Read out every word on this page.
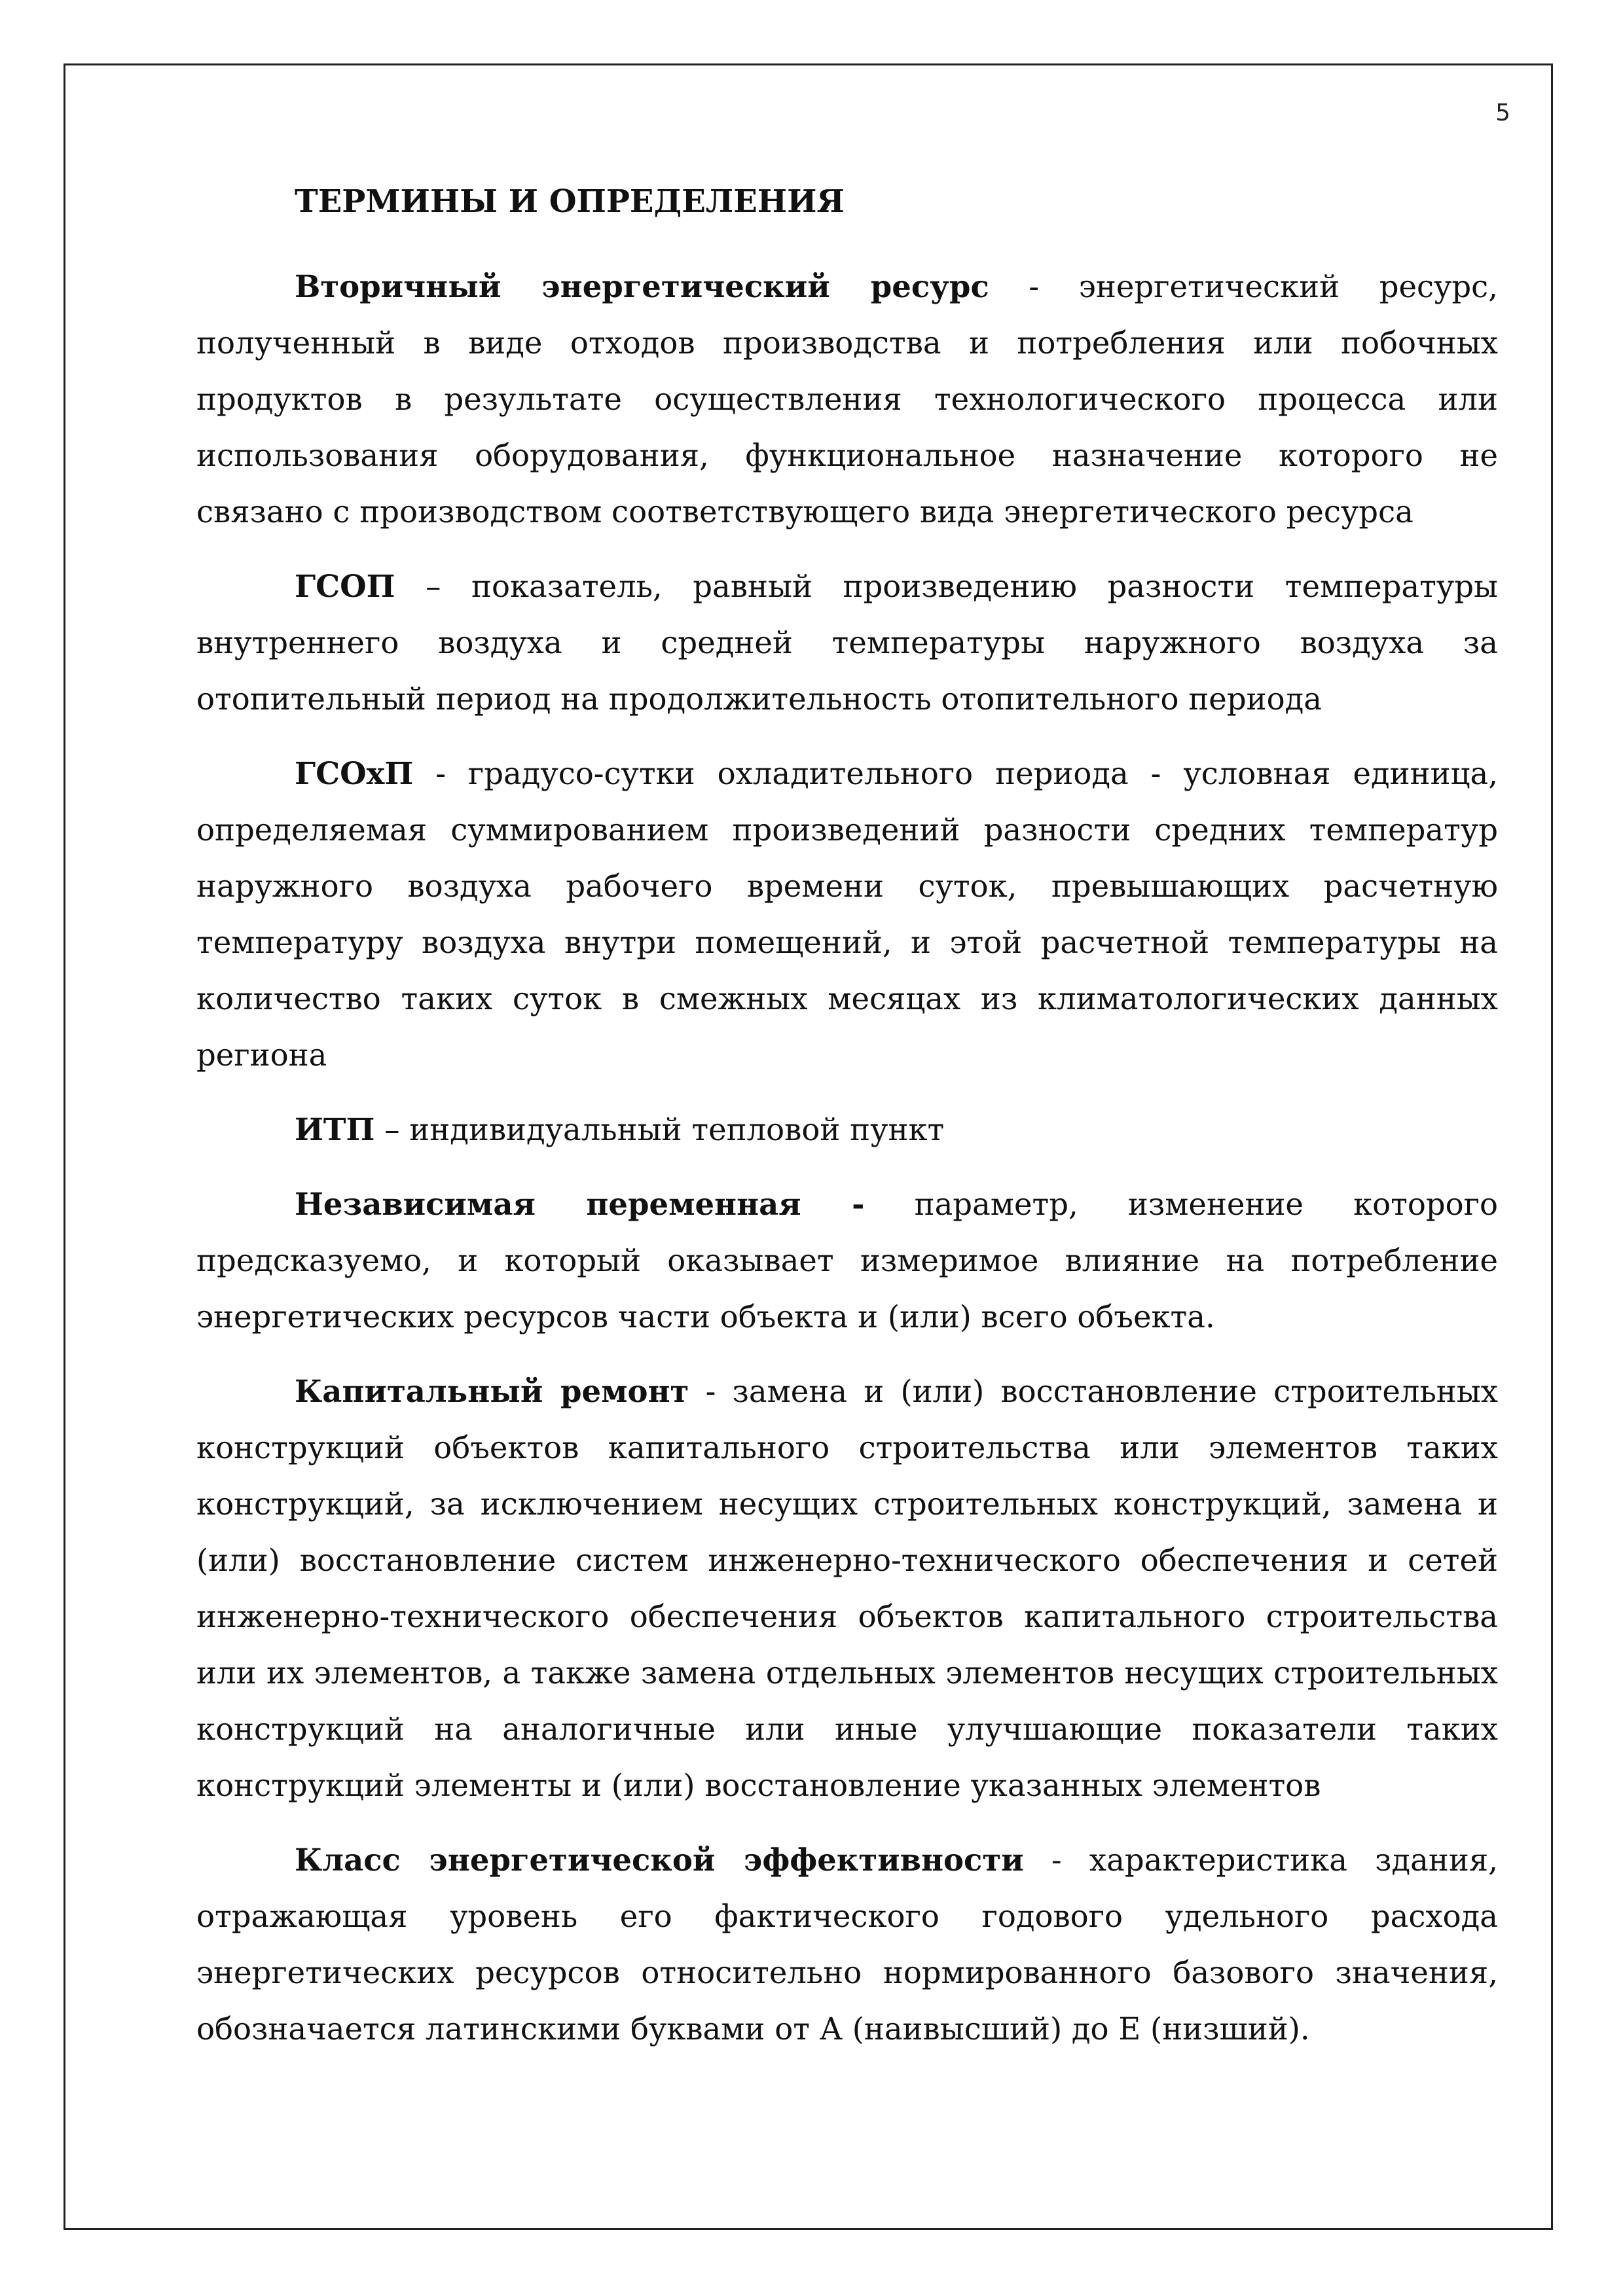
5
ТЕРМИНЫ И ОПРЕДЕЛЕНИЯ

Вторичный энергетический ресурс - энергетический ресурс, полученный в виде отходов производства и потребления или побочных продуктов в результате осуществления технологического процесса или использования оборудования, функциональное назначение которого не связано с производством соответствующего вида энергетического ресурса

ГСОП – показатель, равный произведению разности температуры внутреннего воздуха и средней температуры наружного воздуха за отопительный период на продолжительность отопительного периода

ГСОхП - градусо-сутки охладительного периода - условная единица, определяемая суммированием произведений разности средних температур наружного воздуха рабочего времени суток, превышающих расчетную температуру воздуха внутри помещений, и этой расчетной температуры на количество таких суток в смежных месяцах из климатологических данных региона

ИТП – индивидуальный тепловой пункт

Независимая переменная - параметр, изменение которого предсказуемо, и который оказывает измеримое влияние на потребление энергетических ресурсов части объекта и (или) всего объекта.

Капитальный ремонт - замена и (или) восстановление строительных конструкций объектов капитального строительства или элементов таких конструкций, за исключением несущих строительных конструкций, замена и (или) восстановление систем инженерно-технического обеспечения и сетей инженерно-технического обеспечения объектов капитального строительства или их элементов, а также замена отдельных элементов несущих строительных конструкций на аналогичные или иные улучшающие показатели таких конструкций элементы и (или) восстановление указанных элементов

Класс энергетической эффективности - характеристика здания, отражающая уровень его фактического годового удельного расхода энергетических ресурсов относительно нормированного базового значения, обозначается латинскими буквами от А (наивысший) до Е (низший).
